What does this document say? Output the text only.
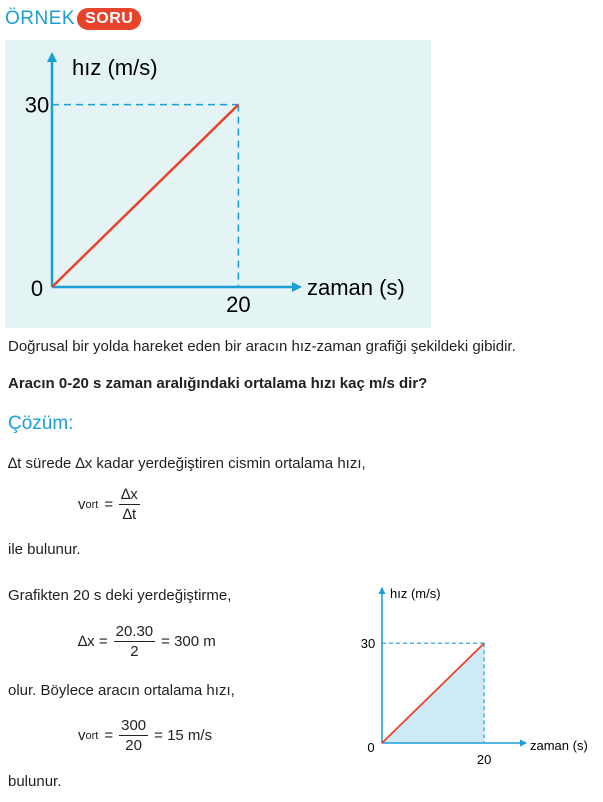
ÖRNEK SORU
hız (m/s)
zaman (s)
0
30
20
Doğrusal bir yolda hareket eden bir aracın hız-zaman grafiği şekildeki gibidir.
Aracın 0-20 s zaman aralığındaki ortalama hızı kaç m/s dir?
Çözüm:
∆t sürede ∆x kadar yerdeğiştiren cismin ortalama hızı,
v ort = $\frac{\Delta x}{\Delta t}$
ile bulunur.
Grafikten 20 s deki yerdeğiştirme,
$\Delta x = \frac{20.30}{2} = 300$ m
olur. Böylece aracın ortalama hızı,
v ort = $\frac{300}{20} = 15$ m/s
bulunur.
hız (m/s)
zaman (s)
0
30
20
